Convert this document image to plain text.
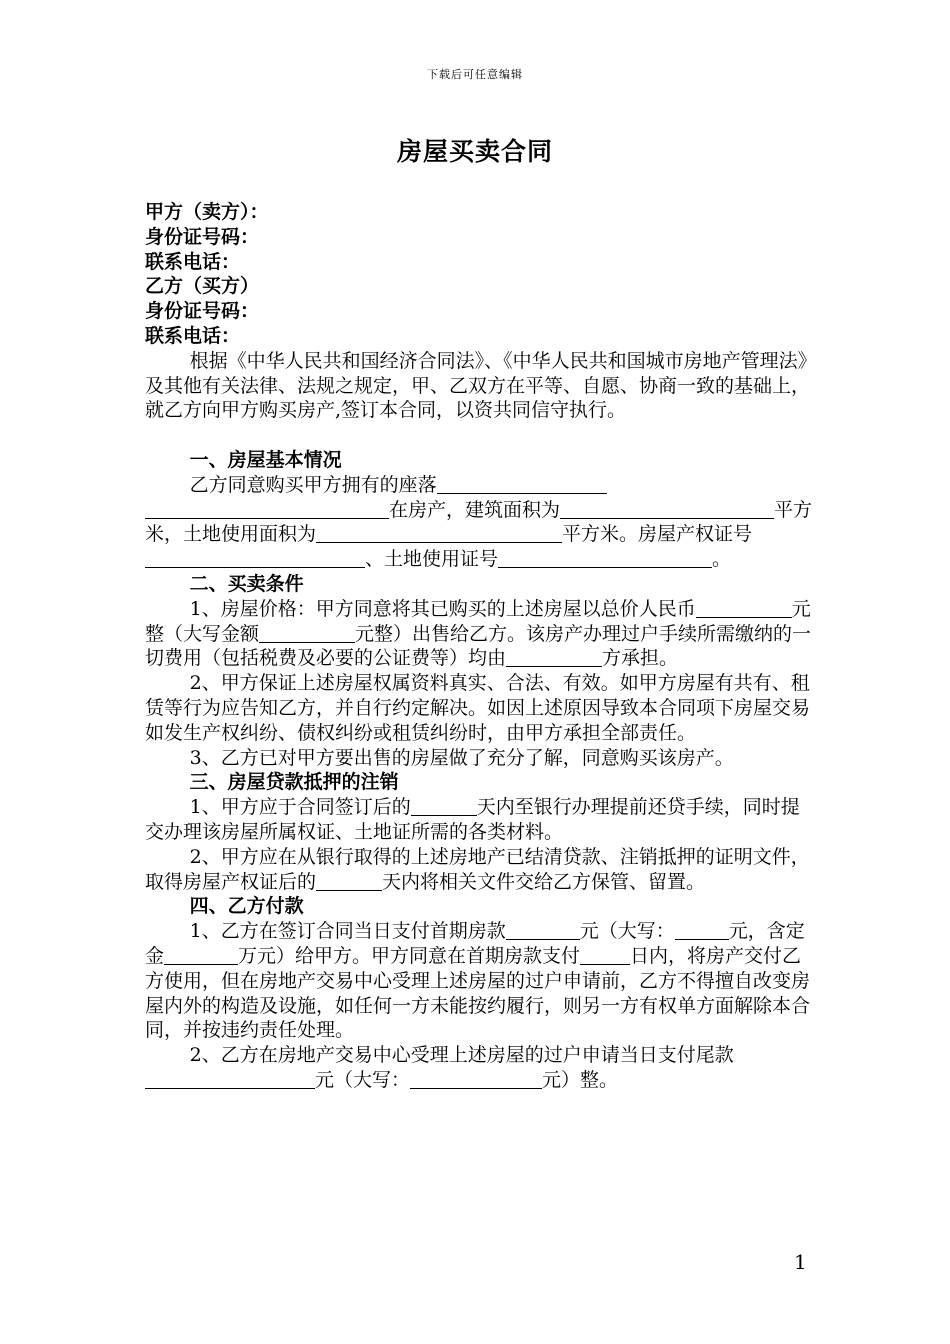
下载后可任意编辑
房屋买卖合同
甲方（卖方）：
身份证号码：
联系电话：
乙方（买方）
身份证号码：
联系电话：

根据《中华人民共和国经济合同法》、《中华人民共和国城市房地产管理法》及其他有关法律、法规之规定，甲、乙双方在平等、自愿、协商一致的基础上，就乙方向甲方购买房产,签订本合同，以资共同信守执行。

一、房屋基本情况

乙方同意购买甲方拥有的座落在房产，建筑面积为	平方米，土地使用面积为	平方米。房屋产权证号、土地使用证号	。

二、买卖条件

1、房屋价格：甲方同意将其已购买的上述房屋以总价人民币	元整（大写金额	元整）出售给乙方。该房产办理过户手续所需缴纳的一切费用（包括税费及必要的公证费等）均由	方承担。

2、甲方保证上述房屋权属资料真实、合法、有效。如甲方房屋有共有、租赁等行为应告知乙方，并自行约定解决。如因上述原因导致本合同项下房屋交易如发生产权纠纷、债权纠纷或租赁纠纷时，由甲方承担全部责任。

3、乙方已对甲方要出售的房屋做了充分了解，同意购买该房产。

三、房屋贷款抵押的注销

1、甲方应于合同签订后的	天内至银行办理提前还贷手续，同时提交办理该房屋所属权证、土地证所需的各类材料。

2、甲方应在从银行取得的上述房地产已结清贷款、注销抵押的证明文件，取得房屋产权证后的	天内将相关文件交给乙方保管、留置。

四、乙方付款

1、乙方在签订合同当日支付首期房款	元（大写：	元，含定金	万元）给甲方。甲方同意在首期房款支付	日内，将房产交付乙方使用，但在房地产交易中心受理上述房屋的过户申请前，乙方不得擅自改变房屋内外的构造及设施，如任何一方未能按约履行，则另一方有权单方面解除本合同，并按违约责任处理。

2、乙方在房地产交易中心受理上述房屋的过户申请当日支付尾款元（大写：	元）整。

1
